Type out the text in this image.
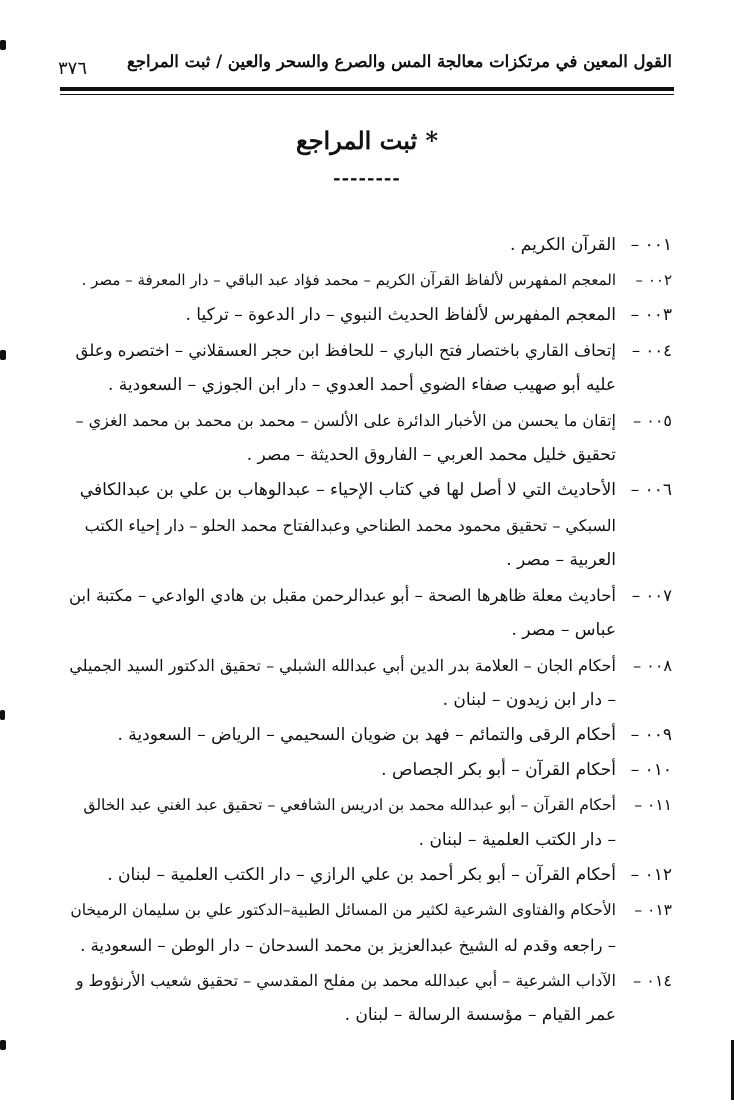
القول المعين في مرتكزات معالجة المس والصرع والسحر والعين / ثبت المراجع
٣٧٦
* ثبت المراجع
--------
٠٠١ –القرآن الكريم .
٠٠٢ –المعجم المفهرس لألفاظ القرآن الكريم – محمد فؤاد عبد الباقي – دار المعرفة – مصر .
٠٠٣ –المعجم المفهرس لألفاظ الحديث النبوي – دار الدعوة – تركيا .
٠٠٤ –إتحاف القاري باختصار فتح الباري – للحافظ ابن حجر العسقلاني – اختصره وعلق
عليه أبو صهيب صفاء الضوي أحمد العدوي – دار ابن الجوزي – السعودية .
٠٠٥ –إتقان ما يحسن من الأخبار الدائرة على الألسن – محمد بن محمد بن محمد الغزي –
تحقيق خليل محمد العربي – الفاروق الحديثة – مصر .
٠٠٦ –الأحاديث التي لا أصل لها في كتاب الإحياء – عبدالوهاب بن علي بن عبدالكافي
السبكي – تحقيق محمود محمد الطناحي وعبدالفتاح محمد الحلو – دار إحياء الكتب
العربية – مصر .
٠٠٧ –أحاديث معلة ظاهرها الصحة – أبو عبدالرحمن مقبل بن هادي الوادعي – مكتبة ابن
عباس – مصر .
٠٠٨ –أحكام الجان – العلامة بدر الدين أبي عبدالله الشبلي – تحقيق الدكتور السيد الجميلي
– دار ابن زيدون – لبنان .
٠٠٩ –أحكام الرقى والتمائم – فهد بن ضويان السحيمي – الرياض – السعودية .
٠١٠ –أحكام القرآن – أبو بكر الجصاص .
٠١١ –أحكام القرآن – أبو عبدالله محمد بن ادريس الشافعي – تحقيق عبد الغني عبد الخالق
– دار الكتب العلمية – لبنان .
٠١٢ –أحكام القرآن – أبو بكر أحمد بن علي الرازي – دار الكتب العلمية – لبنان .
٠١٣ –الأحكام والفتاوى الشرعية لكثير من المسائل الطبية–الدكتور علي بن سليمان الرميخان
– راجعه وقدم له الشيخ عبدالعزيز بن محمد السدحان – دار الوطن – السعودية .
٠١٤ –الآداب الشرعية – أبي عبدالله محمد بن مفلح المقدسي – تحقيق شعيب الأرنؤوط و
عمر القيام – مؤسسة الرسالة – لبنان .
